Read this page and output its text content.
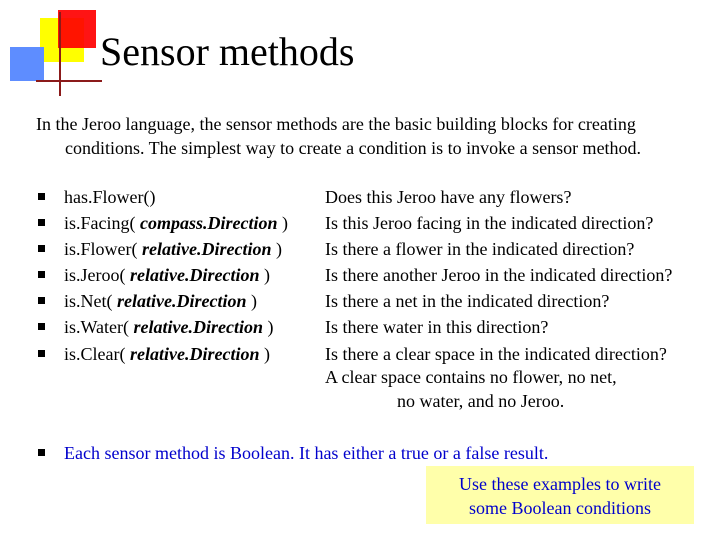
Sensor methods

In the Jeroo language, the sensor methods are the basic building blocks for creating
conditions. The simplest way to create a condition is to invoke a sensor method.

has.Flower()
is.Facing( compass.Direction )
is.Flower( relative.Direction )
is.Jeroo( relative.Direction )
is.Net( relative.Direction )
is.Water( relative.Direction )
is.Clear( relative.Direction )
Does this Jeroo have any flowers?
Is this Jeroo facing in the indicated direction?
Is there a flower in the indicated direction?
Is there another Jeroo in the indicated direction?
Is there a net in the indicated direction?
Is there water in this direction?
Is there a clear space in the indicated direction?
A clear space contains no flower, no net,
no water, and no Jeroo.
Each sensor method is Boolean. It has either a true or a false result.
Use these examples to write
some Boolean conditions
